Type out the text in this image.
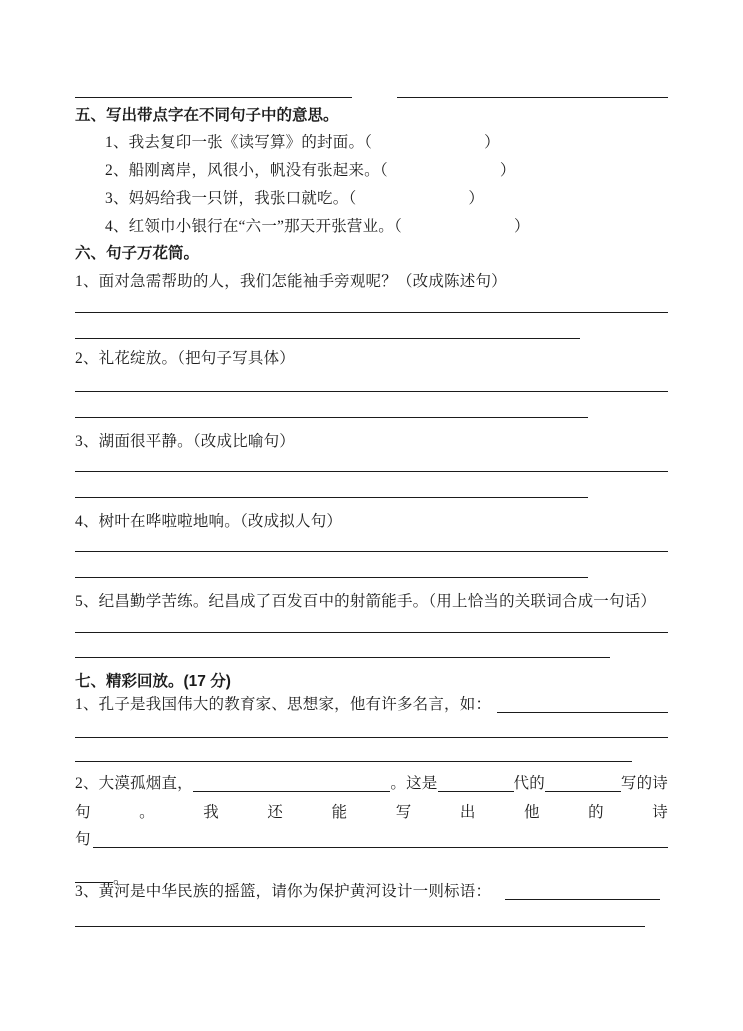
五、写出带点字在不同句子中的意思。
1、我去复印一张《读写算》的封面。（	）
2、船刚离岸，风很小，帆没有张起来。（	）
3、妈妈给我一只饼，我张口就吃。（	）
4、红领巾小银行在“六一”那天开张营业。（	）
六、句子万花筒。
1、面对急需帮助的人，我们怎能袖手旁观呢？（改成陈述句）
2、礼花绽放。（把句子写具体）
3、湖面很平静。（改成比喻句）
4、树叶在哗啦啦地响。（改成拟人句）
5、纪昌勤学苦练。纪昌成了百发百中的射箭能手。（用上恰当的关联词合成一句话）
七、精彩回放。(17 分)
1、孔子是我国伟大的教育家、思想家，他有许多名言，如：
2、大漠孤烟直，	。这是	代的	写的诗
句	。	我	还	能	写	出	他	的	诗
句
。
3、黄河是中华民族的摇篮，请你为保护黄河设计一则标语：
